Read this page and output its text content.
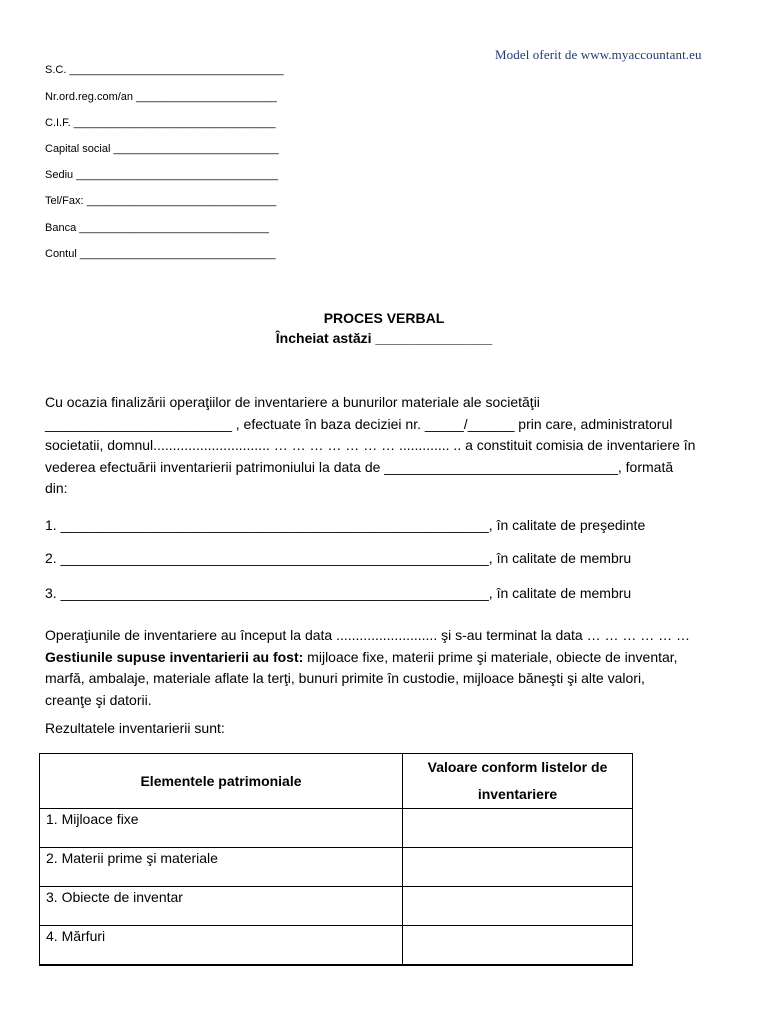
Model oferit de www.myaccountant.eu
S.C. ___________________________________
Nr.ord.reg.com/an _______________________
C.I.F. _________________________________
Capital social ___________________________
Sediu _________________________________
Tel/Fax: _______________________________
Banca _______________________________
Contul ________________________________
PROCES VERBAL
Încheiat astăzi _______________
Cu ocazia finalizării operaţiilor de inventariere a bunurilor materiale ale societăţii
________________________ , efectuate în baza deciziei nr. _____/______ prin care, administratorul
societatii, domnul.............................. … … … … … … … ............. .. a constituit comisia de inventariere în
vederea efectuării inventarierii patrimoniului la data de ______________________________, formată
din:
1. _______________________________________________________, în calitate de preşedinte
2. _______________________________________________________, în calitate de membru
3. _______________________________________________________, în calitate de membru
Operaţiunile de inventariere au început la data .......................... şi s-au terminat la data … … … … … …
Gestiunile supuse inventarierii au fost: mijloace fixe, materii prime şi materiale, obiecte de inventar,
marfă, ambalaje, materiale aflate la terţi, bunuri primite în custodie, mijloace băneşti şi alte valori,
creanţe şi datorii.
Rezultatele inventarierii sunt:
Elementele patrimoniale	Valoare conform listelor de
inventariere
1. Mijloace fixe	
2. Materii prime şi materiale	
3. Obiecte de inventar	
4. Mărfuri	
